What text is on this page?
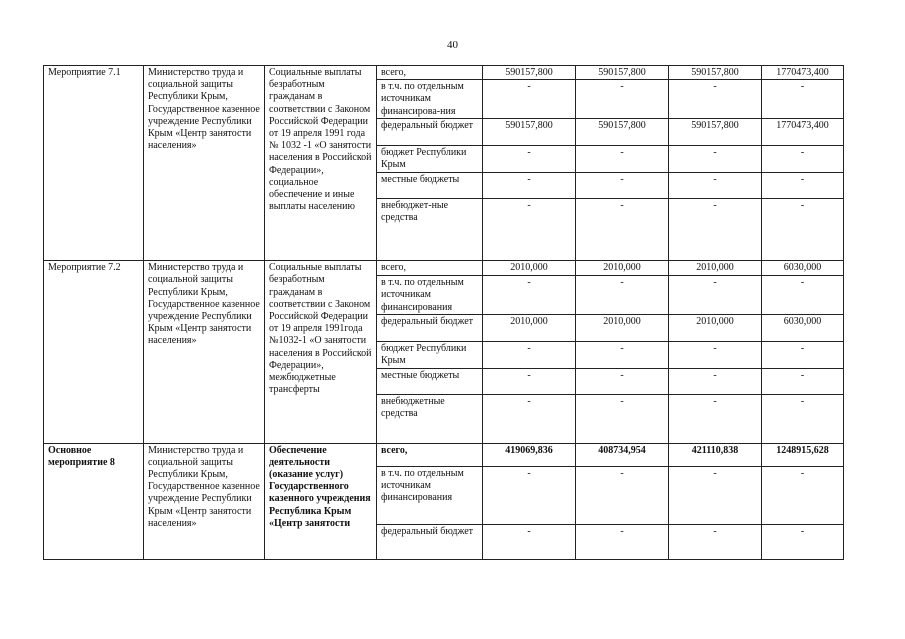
40
Мероприятие 7.1	Министерство труда и социальной защиты Республики Крым, Государственное казенное учреждение Республики Крым «Центр занятости населения»	Социальные выплаты безработным гражданам в соответствии с Законом Российской Федерации от 19 апреля 1991 года № 1032 -1 «О занятости населения в Российской Федерации», социальное обеспечение и иные выплаты населению	всего,	590157,800	590157,800	590157,800	1770473,400
			в т.ч. по отдельным источникам финансирова-ния	-	-	-	-
			федеральный бюджет	590157,800	590157,800	590157,800	1770473,400
			бюджет Республики Крым	-	-	-	-
			местные бюджеты	-	-	-	-
			внебюджет-ные средства	-	-	-	-
Мероприятие 7.2	Министерство труда и социальной защиты Республики Крым, Государственное казенное учреждение Республики Крым «Центр занятости населения»	Социальные выплаты безработным гражданам в соответствии с Законом Российской Федерации от 19 апреля 1991года №1032-1 «О занятости населения в Российской Федерации», межбюджетные трансферты	всего,	2010,000	2010,000	2010,000	6030,000
			в т.ч. по отдельным источникам финансирования	-	-	-	-
			федеральный бюджет	2010,000	2010,000	2010,000	6030,000
			бюджет Республики Крым	-	-	-	-
			местные бюджеты	-	-	-	-
			внебюджетные средства	-	-	-	-
Основное мероприятие 8	Министерство труда и социальной защиты Республики Крым, Государственное казенное учреждение Республики Крым «Центр занятости населения»	Обеспечение деятельности (оказание услуг) Государственного казенного учреждения Республика Крым «Центр занятости	всего,	419069,836	408734,954	421110,838	1248915,628
			в т.ч. по отдельным источникам финансирования	-	-	-	-
			федеральный бюджет	-	-	-	-
